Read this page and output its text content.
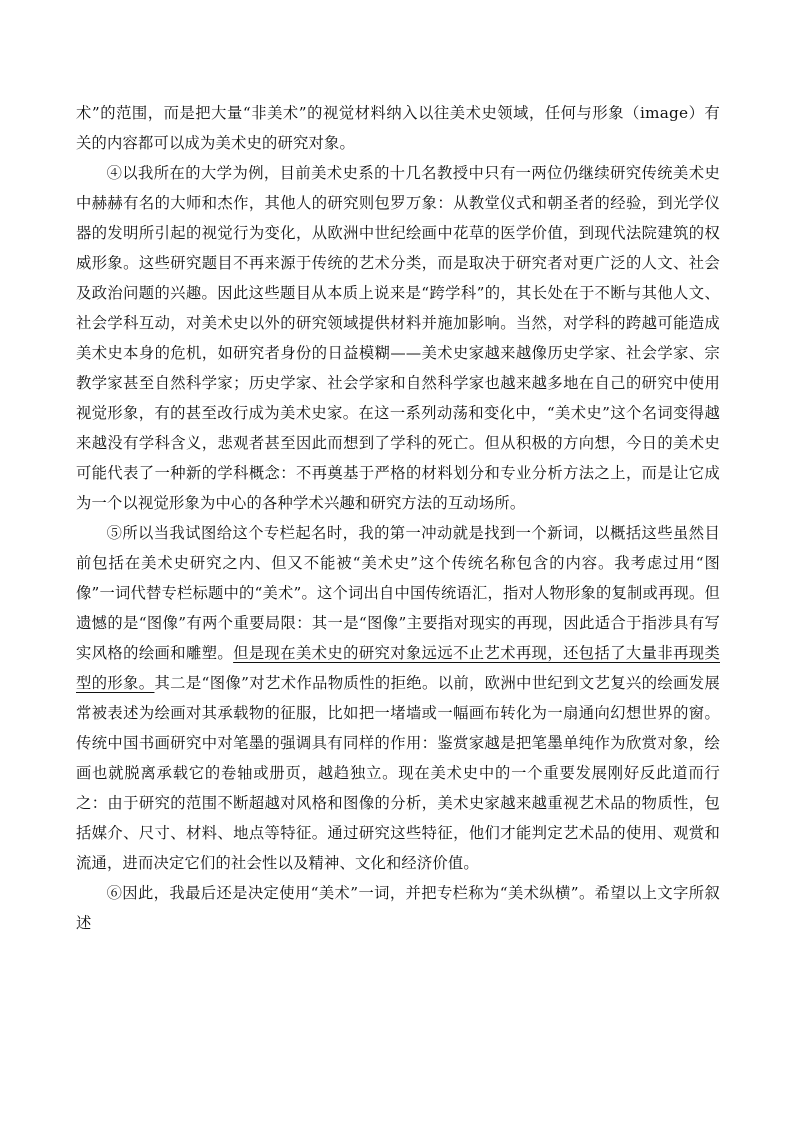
术”的范围，而是把大量“非美术”的视觉材料纳入以往美术史领域，任何与形象（image）有关的内容都可以成为美术史的研究对象。

④以我所在的大学为例，目前美术史系的十几名教授中只有一两位仍继续研究传统美术史中赫赫有名的大师和杰作，其他人的研究则包罗万象：从教堂仪式和朝圣者的经验，到光学仪器的发明所引起的视觉行为变化，从欧洲中世纪绘画中花草的医学价值，到现代法院建筑的权威形象。这些研究题目不再来源于传统的艺术分类，而是取决于研究者对更广泛的人文、社会及政治问题的兴趣。因此这些题目从本质上说来是“跨学科”的，其长处在于不断与其他人文、社会学科互动，对美术史以外的研究领域提供材料并施加影响。当然，对学科的跨越可能造成美术史本身的危机，如研究者身份的日益模糊——美术史家越来越像历史学家、社会学家、宗教学家甚至自然科学家；历史学家、社会学家和自然科学家也越来越多地在自己的研究中使用视觉形象，有的甚至改行成为美术史家。在这一系列动荡和变化中，“美术史”这个名词变得越来越没有学科含义，悲观者甚至因此而想到了学科的死亡。但从积极的方向想，今日的美术史可能代表了一种新的学科概念：不再奠基于严格的材料划分和专业分析方法之上，而是让它成为一个以视觉形象为中心的各种学术兴趣和研究方法的互动场所。

⑤所以当我试图给这个专栏起名时，我的第一冲动就是找到一个新词，以概括这些虽然目前包括在美术史研究之内、但又不能被“美术史”这个传统名称包含的内容。我考虑过用“图像”一词代替专栏标题中的“美术”。这个词出自中国传统语汇，指对人物形象的复制或再现。但遗憾的是“图像”有两个重要局限：其一是“图像”主要指对现实的再现，因此适合于指涉具有写实风格的绘画和雕塑。但是现在美术史的研究对象远远不止艺术再现，还包括了大量非再现类型的形象。其二是“图像”对艺术作品物质性的拒绝。以前，欧洲中世纪到文艺复兴的绘画发展常被表述为绘画对其承载物的征服，比如把一堵墙或一幅画布转化为一扇通向幻想世界的窗。传统中国书画研究中对笔墨的强调具有同样的作用：鉴赏家越是把笔墨单纯作为欣赏对象，绘画也就脱离承载它的卷轴或册页，越趋独立。现在美术史中的一个重要发展刚好反此道而行之：由于研究的范围不断超越对风格和图像的分析，美术史家越来越重视艺术品的物质性，包括媒介、尺寸、材料、地点等特征。通过研究这些特征，他们才能判定艺术品的使用、观赏和流通，进而决定它们的社会性以及精神、文化和经济价值。

⑥因此，我最后还是决定使用“美术”一词，并把专栏称为“美术纵横”。希望以上文字所叙述
